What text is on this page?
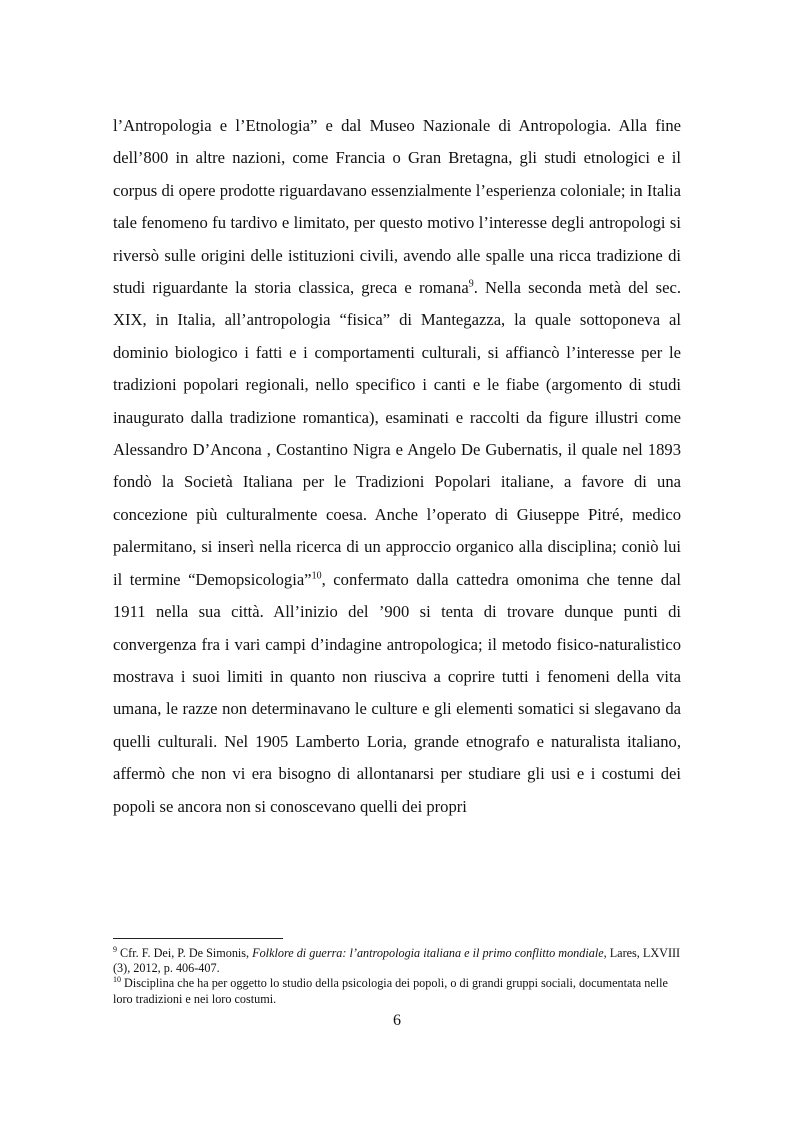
l’Antropologia e l’Etnologia” e dal Museo Nazionale di Antropologia. Alla fine dell’800 in altre nazioni, come Francia o Gran Bretagna, gli studi etnologici e il corpus di opere prodotte riguardavano essenzialmente l’esperienza coloniale; in Italia tale fenomeno fu tardivo e limitato, per questo motivo l’interesse degli antropologi si riversò sulle origini delle istituzioni civili, avendo alle spalle una ricca tradizione di studi riguardante la storia classica, greca e romana$^9$. Nella seconda metà del sec. XIX, in Italia, all’antropologia “fisica” di Mantegazza, la quale sottoponeva al dominio biologico i fatti e i comportamenti culturali, si affiancò l’interesse per le tradizioni popolari regionali, nello specifico i canti e le fiabe (argomento di studi inaugurato dalla tradizione romantica), esaminati e raccolti da figure illustri come Alessandro D’Ancona , Costantino Nigra e Angelo De Gubernatis, il quale nel 1893 fondò la Società Italiana per le Tradizioni Popolari italiane, a favore di una concezione più culturalmente coesa. Anche l’operato di Giuseppe Pitré, medico palermitano, si inserì nella ricerca di un approccio organico alla disciplina; coniò lui il termine “Demopsicologia”$^{10}$, confermato dalla cattedra omonima che tenne dal 1911 nella sua città. All’inizio del ’900 si tenta di trovare dunque punti di convergenza fra i vari campi d’indagine antropologica; il metodo fisico-naturalistico mostrava i suoi limiti in quanto non riusciva a coprire tutti i fenomeni della vita umana, le razze non determinavano le culture e gli elementi somatici si slegavano da quelli culturali. Nel 1905 Lamberto Loria, grande etnografo e naturalista italiano, affermò che non vi era bisogno di allontanarsi per studiare gli usi e i costumi dei popoli se ancora non si conoscevano quelli dei propri

$^9$ Cfr. F. Dei, P. De Simonis, Folklore di guerra: l’antropologia italiana e il primo conflitto mondiale, Lares, LXVIII (3), 2012, p. 406-407.

$^{10}$ Disciplina che ha per oggetto lo studio della psicologia dei popoli, o di grandi gruppi sociali, documentata nelle loro tradizioni e nei loro costumi.

6
